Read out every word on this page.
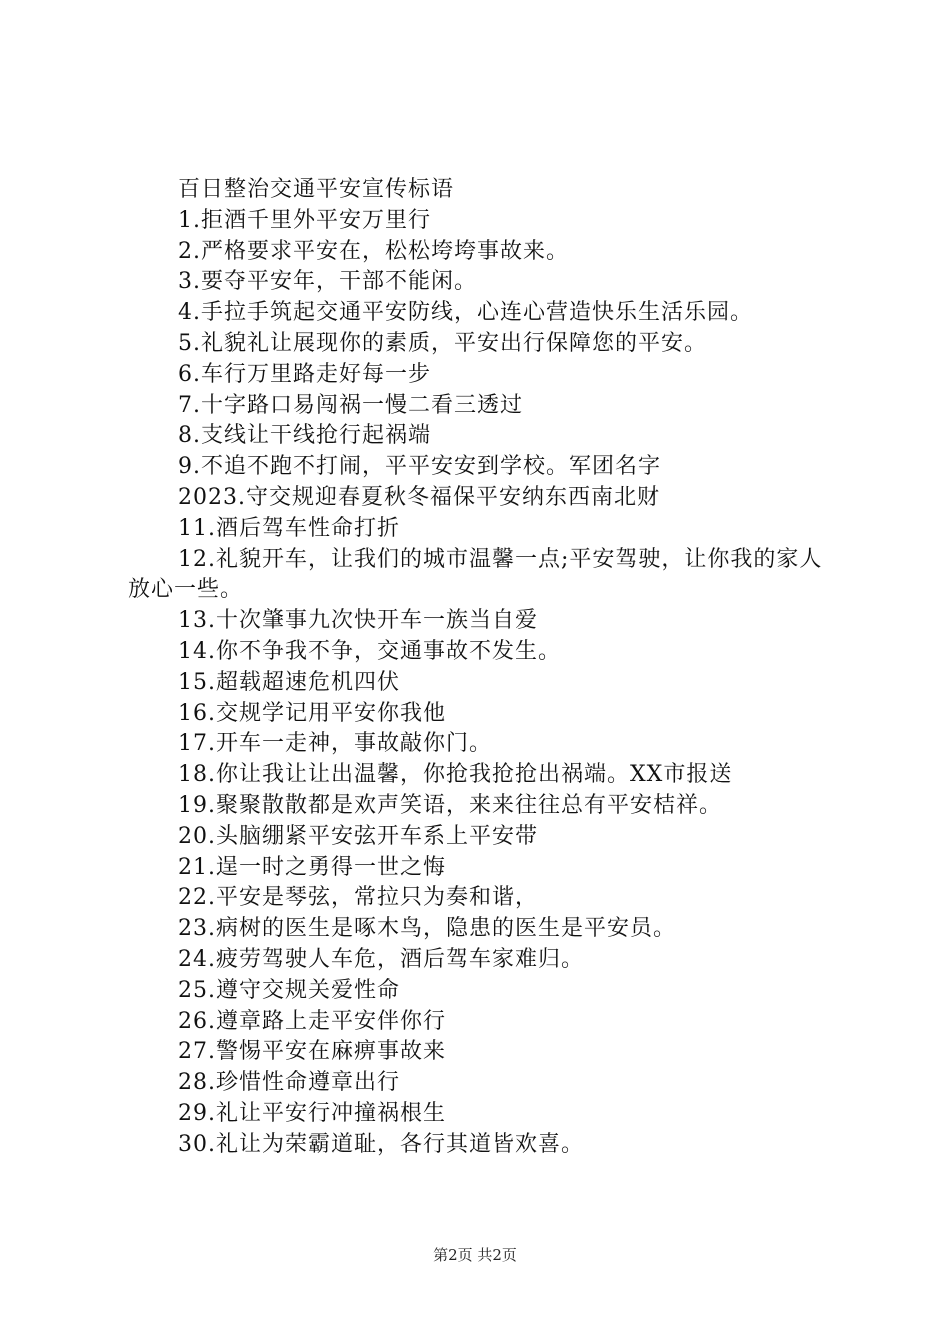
百日整治交通平安宣传标语
1.拒酒千里外平安万里行
2.严格要求平安在，松松垮垮事故来。
3.要夺平安年，干部不能闲。
4.手拉手筑起交通平安防线，心连心营造快乐生活乐园。
5.礼貌礼让展现你的素质，平安出行保障您的平安。
6.车行万里路走好每一步
7.十字路口易闯祸一慢二看三透过
8.支线让干线抢行起祸端
9.不追不跑不打闹，平平安安到学校。军团名字
2023.守交规迎春夏秋冬福保平安纳东西南北财
11.酒后驾车性命打折
12.礼貌开车，让我们的城市温馨一点;平安驾驶，让你我的家人放心一些。
13.十次肇事九次快开车一族当自爱
14.你不争我不争，交通事故不发生。
15.超载超速危机四伏
16.交规学记用平安你我他
17.开车一走神，事故敲你门。
18.你让我让让出温馨，你抢我抢抢出祸端。XX市报送
19.聚聚散散都是欢声笑语，来来往往总有平安桔祥。
20.头脑绷紧平安弦开车系上平安带
21.逞一时之勇得一世之悔
22.平安是琴弦，常拉只为奏和谐，
23.病树的医生是啄木鸟，隐患的医生是平安员。
24.疲劳驾驶人车危，酒后驾车家难归。
25.遵守交规关爱性命
26.遵章路上走平安伴你行
27.警惕平安在麻痹事故来
28.珍惜性命遵章出行
29.礼让平安行冲撞祸根生
30.礼让为荣霸道耻，各行其道皆欢喜。
第2页 共2页
